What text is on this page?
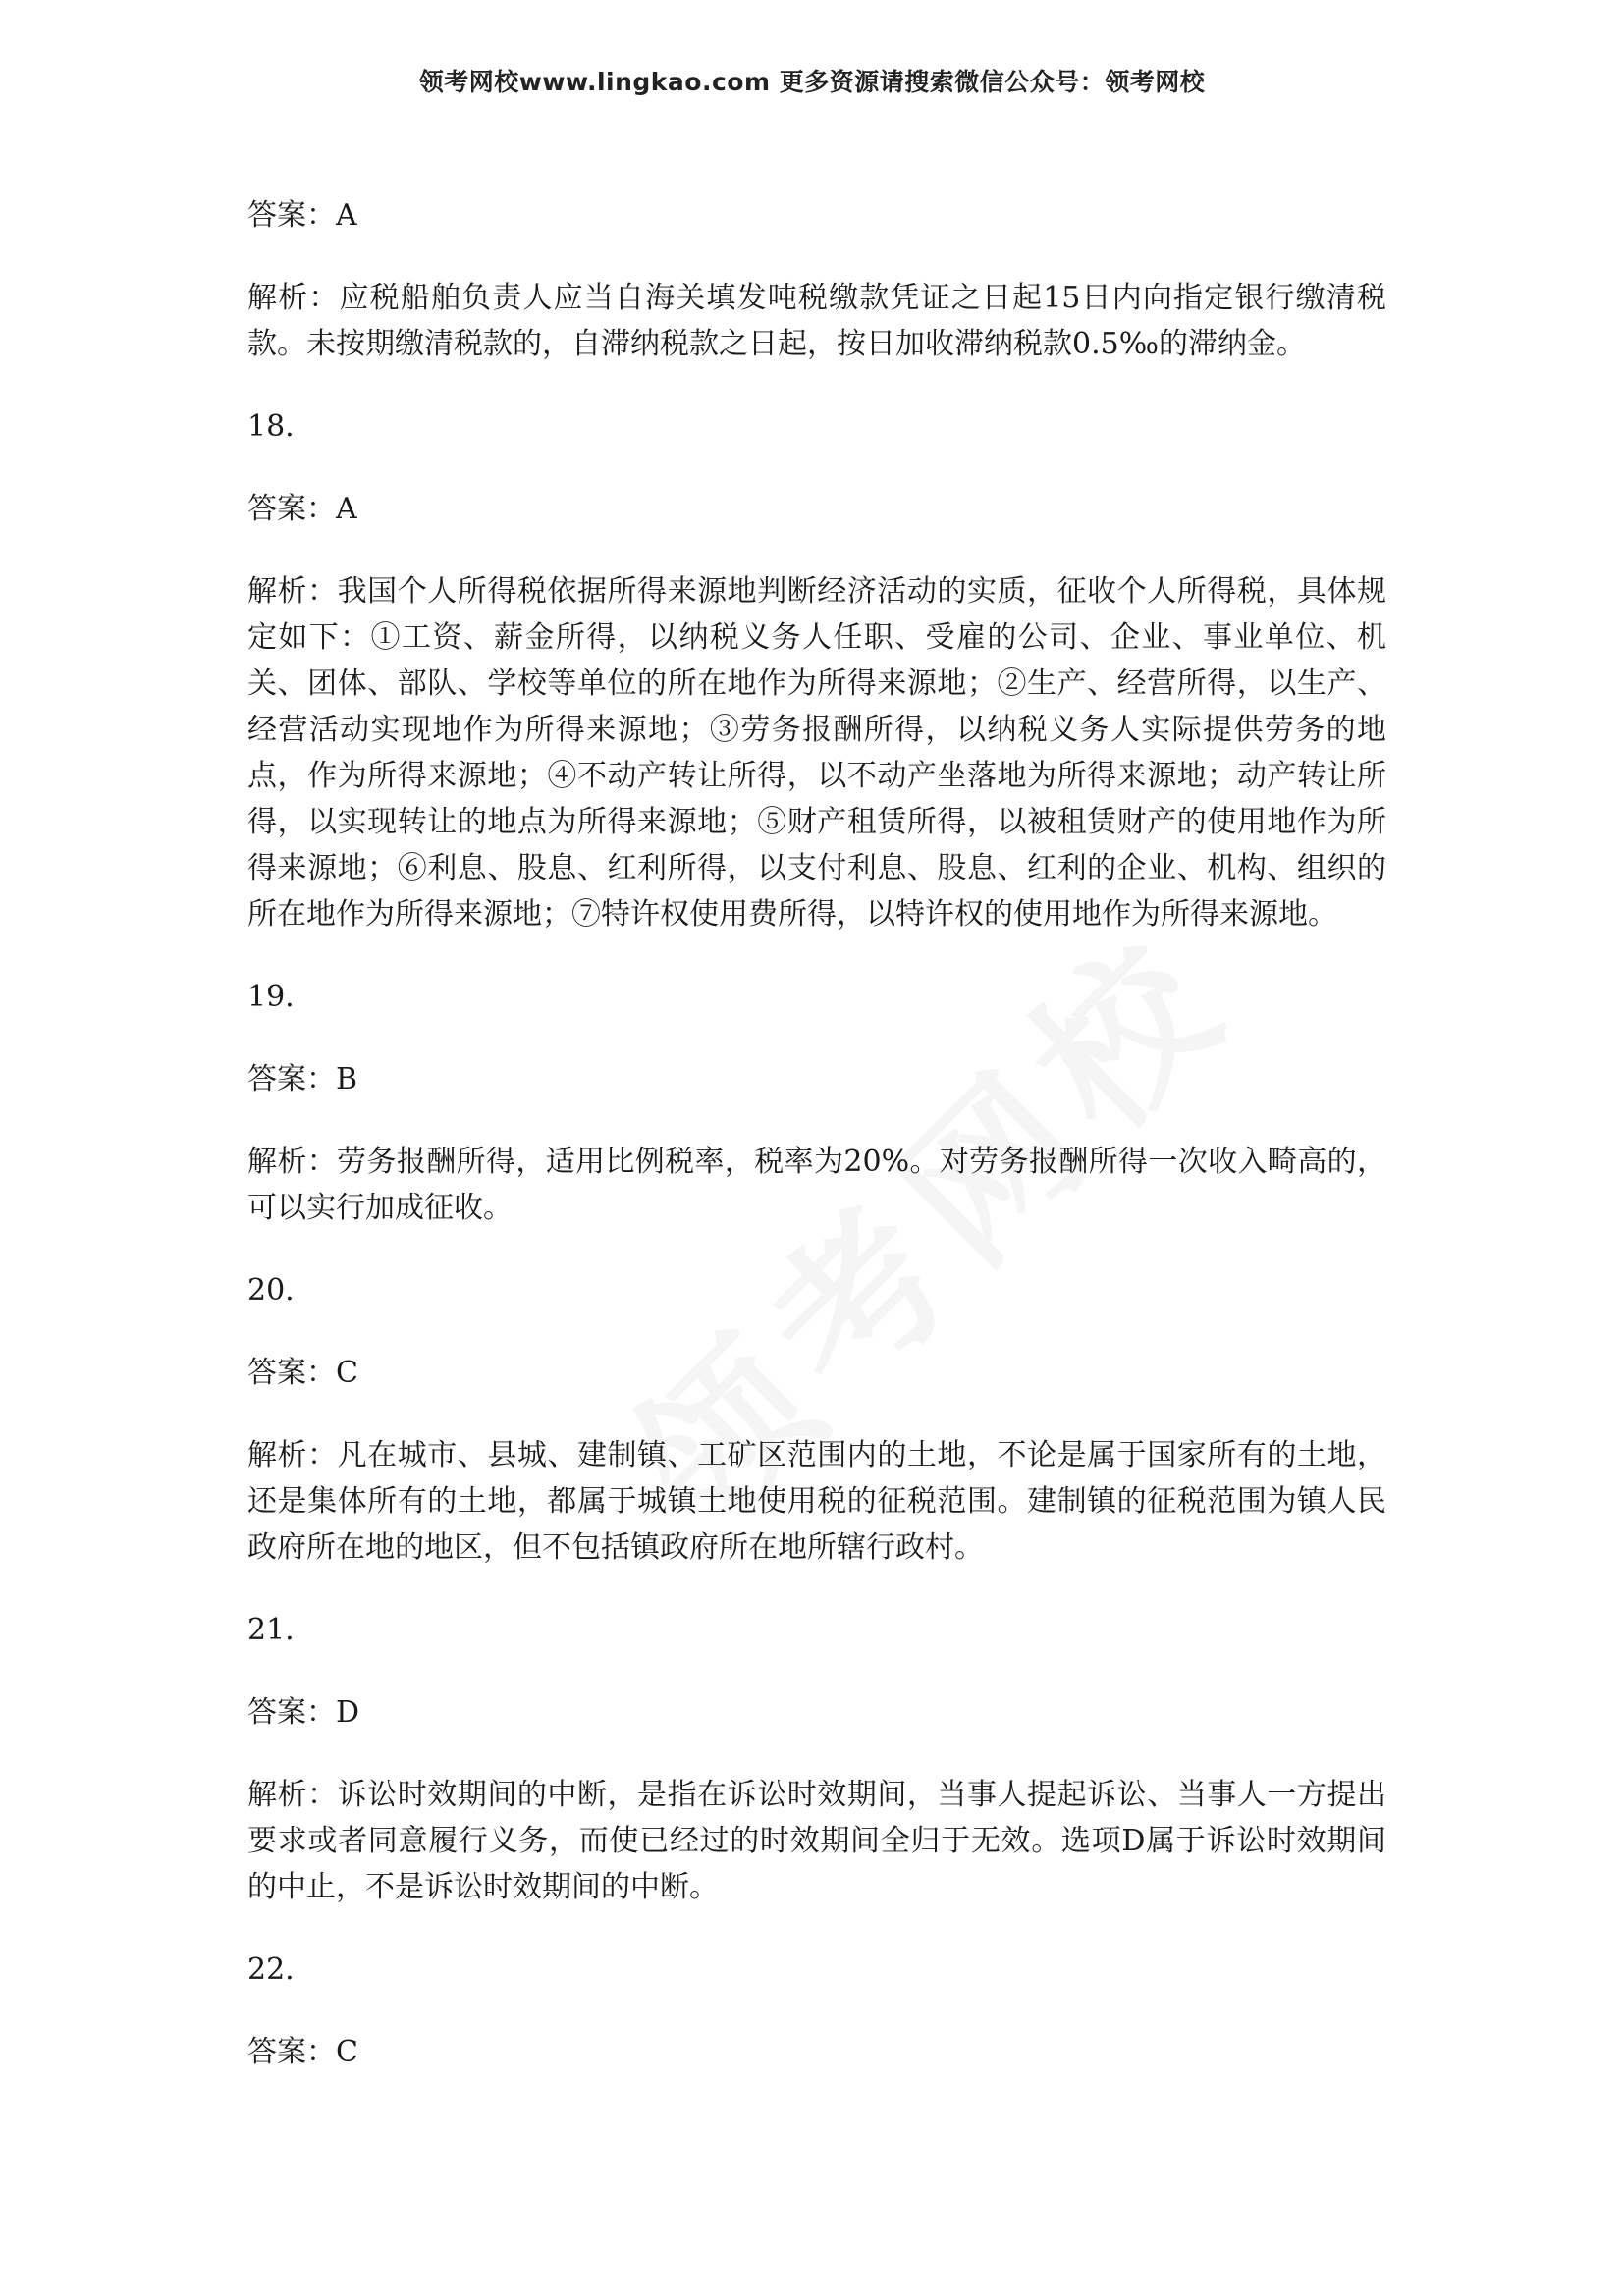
领考网校www.lingkao.com 更多资源请搜索微信公众号：领考网校

答案：A

解析：应税船舶负责人应当自海关填发吨税缴款凭证之日起15日内向指定银行缴清税款。未按期缴清税款的，自滞纳税款之日起，按日加收滞纳税款0.5‰的滞纳金。

18.

答案：A

解析：我国个人所得税依据所得来源地判断经济活动的实质，征收个人所得税，具体规定如下：①工资、薪金所得，以纳税义务人任职、受雇的公司、企业、事业单位、机关、团体、部队、学校等单位的所在地作为所得来源地；②生产、经营所得，以生产、经营活动实现地作为所得来源地；③劳务报酬所得，以纳税义务人实际提供劳务的地点，作为所得来源地；④不动产转让所得，以不动产坐落地为所得来源地；动产转让所得，以实现转让的地点为所得来源地；⑤财产租赁所得，以被租赁财产的使用地作为所得来源地；⑥利息、股息、红利所得，以支付利息、股息、红利的企业、机构、组织的所在地作为所得来源地；⑦特许权使用费所得，以特许权的使用地作为所得来源地。

19.

答案：B

解析：劳务报酬所得，适用比例税率，税率为20%。对劳务报酬所得一次收入畸高的，可以实行加成征收。

20.

答案：C

解析：凡在城市、县城、建制镇、工矿区范围内的土地，不论是属于国家所有的土地，还是集体所有的土地，都属于城镇土地使用税的征税范围。建制镇的征税范围为镇人民政府所在地的地区，但不包括镇政府所在地所辖行政村。

21.

答案：D

解析：诉讼时效期间的中断，是指在诉讼时效期间，当事人提起诉讼、当事人一方提出要求或者同意履行义务，而使已经过的时效期间全归于无效。选项D属于诉讼时效期间的中止，不是诉讼时效期间的中断。

22.

答案：C
